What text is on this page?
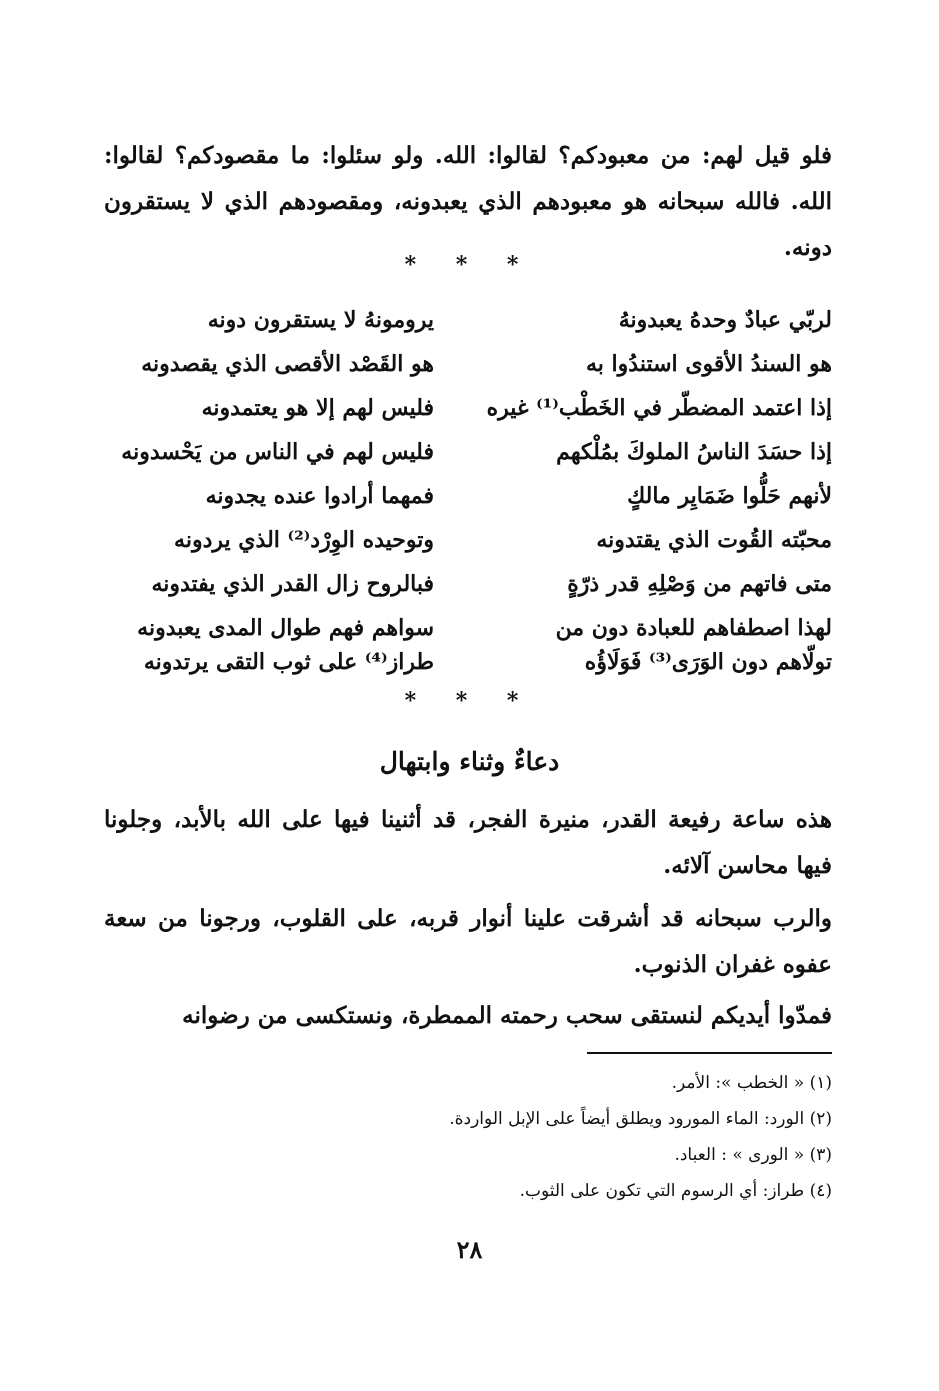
فلو قيل لهم: من معبودكم؟ لقالوا: الله. ولو سئلوا: ما مقصودكم؟ لقالوا: الله. فالله سبحانه هو معبودهم الذي يعبدونه، ومقصودهم الذي لا يستقرون دونه.
* * *
لربّي عبادٌ وحدهُ يعبدونهُ
يرومونهُ لا يستقرون دونه
هو السندُ الأقوى استندُوا به
هو القَصْد الأقصى الذي يقصدونه
إذا اعتمد المضطّر في الخَطْب⁽¹⁾ غيره
فليس لهم إلا هو يعتمدونه
إذا حسَدَ الناسُ الملوكَ بمُلْكهم
فليس لهم في الناس من يَحْسدونه
لأنهم حَلُّوا ضَمَايِر مالكٍ
فمهما أرادوا عنده يجدونه
محبّته القُوت الذي يقتدونه
وتوحيده الوِرْد⁽²⁾ الذي يردونه
متى فاتهم من وَصْلِهِ قدر ذرّةٍ
فبالروح زال القدر الذي يفتدونه
لهذا اصطفاهم للعبادة دون من
سواهم فهم طوال المدى يعبدونه
تولّاهم دون الوَرَى⁽³⁾ فَوَلَاؤُه
طراز⁽⁴⁾ على ثوب التقى يرتدونه
* * *
دعاءٌ وثناء وابتهال
هذه ساعة رفيعة القدر، منيرة الفجر، قد أثنينا فيها على الله بالأبد، وجلونا فيها محاسن آلائه.
والرب سبحانه قد أشرقت علينا أنوار قربه، على القلوب، ورجونا من سعة عفوه غفران الذنوب.
فمدّوا أيديكم لنستقى سحب رحمته الممطرة، ونستكسى من رضوانه
(١) « الخطب »: الأمر.
(٢) الورد: الماء المورود ويطلق أيضاً على الإبل الواردة.
(٣) « الورى » : العباد.
(٤) طراز: أي الرسوم التي تكون على الثوب.
٢٨
